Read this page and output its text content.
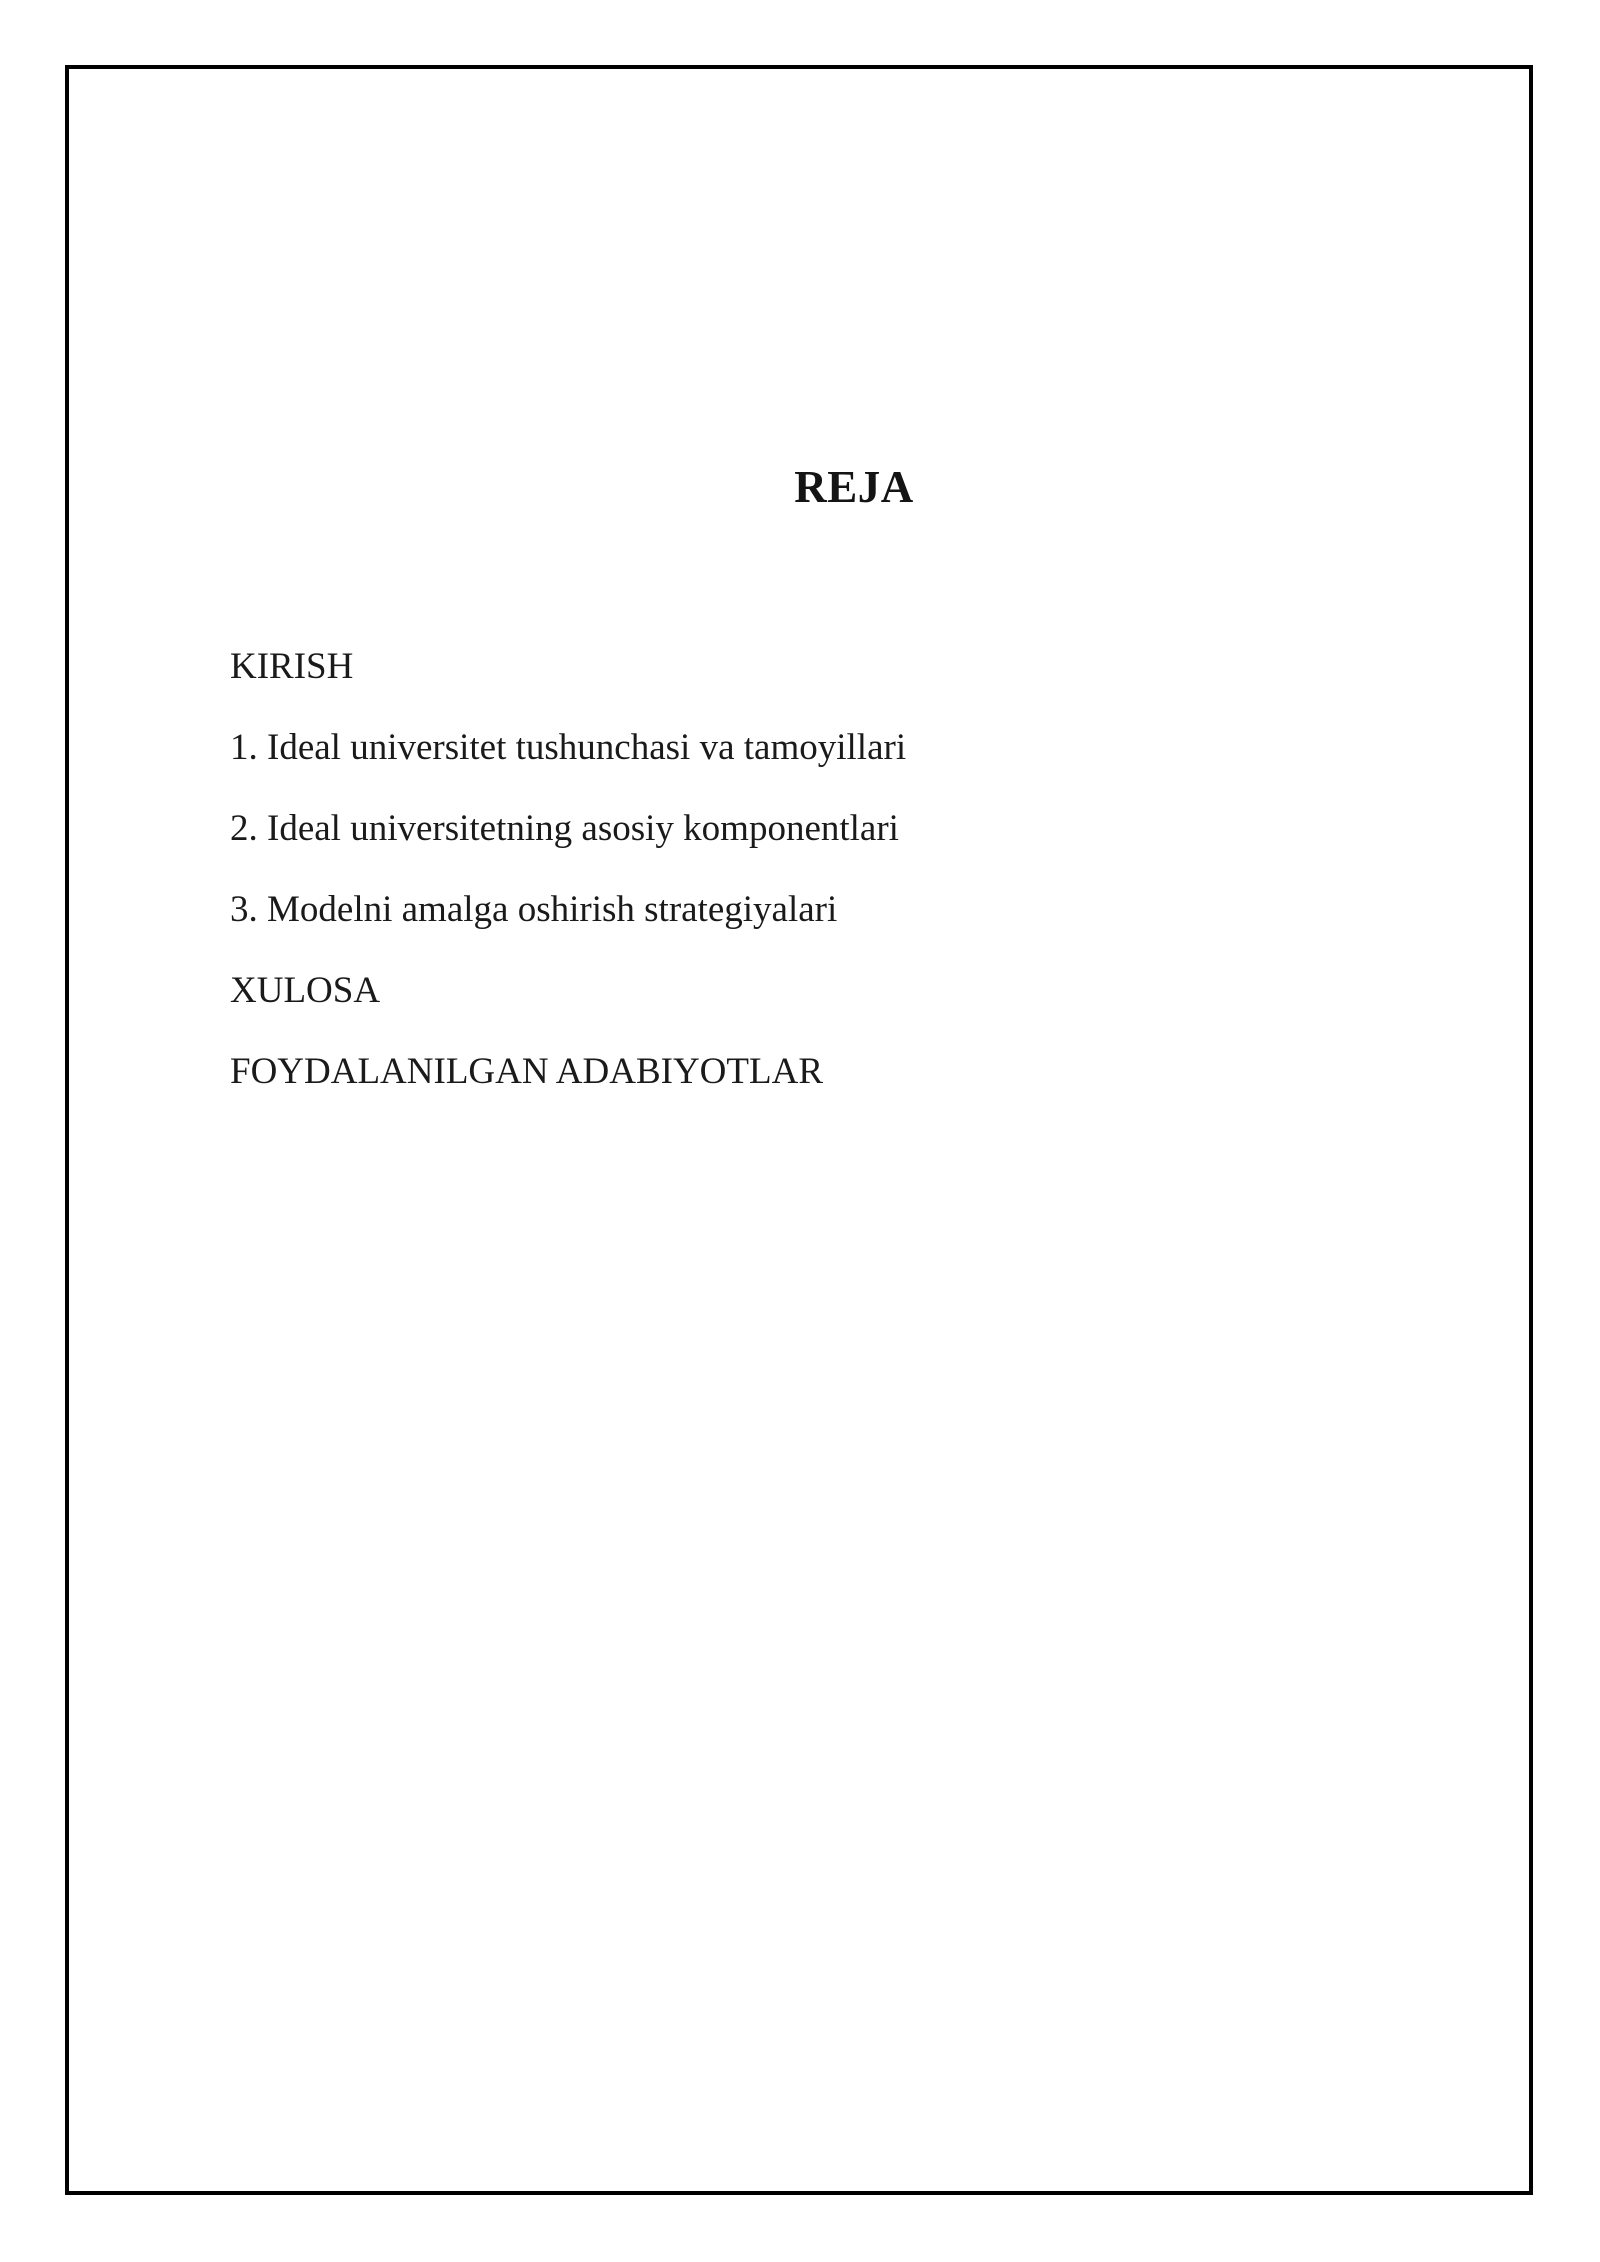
REJA
KIRISH
1. Ideal universitet tushunchasi va tamoyillari
2. Ideal universitetning asosiy komponentlari
3. Modelni amalga oshirish strategiyalari
XULOSA
FOYDALANILGAN ADABIYOTLAR
